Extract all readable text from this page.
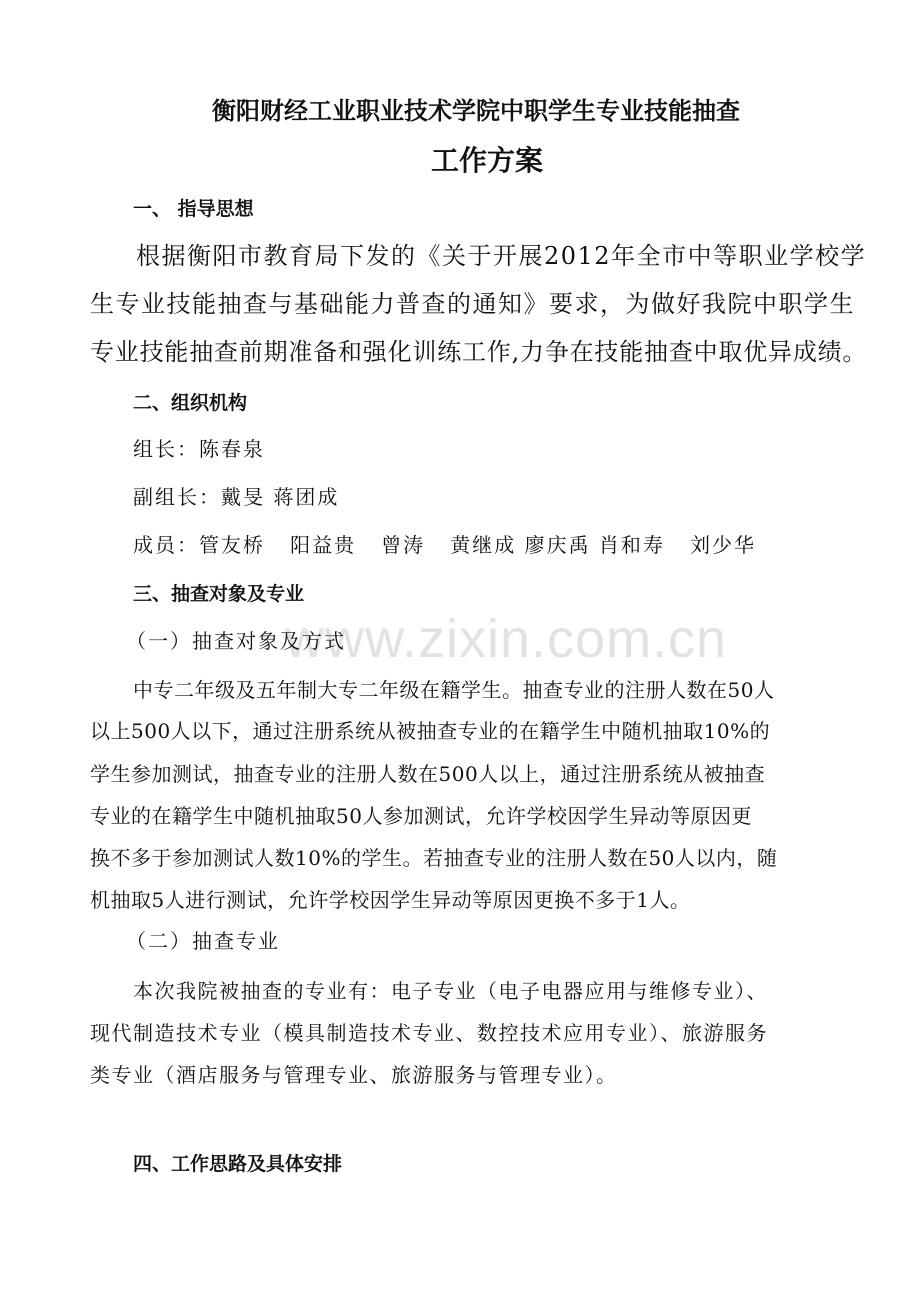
www.zixin.com.cn
衡阳财经工业职业技术学院中职学生专业技能抽查
工作方案
一、 指导思想
根据衡阳市教育局下发的《关于开展2012年全市中等职业学校学
生专业技能抽查与基础能力普查的通知》要求，为做好我院中职学生
专业技能抽查前期准备和强化训练工作,力争在技能抽查中取优异成绩。
二、组织机构
组长：陈春泉
副组长：戴旻 蒋团成
成员：管友桥   阳益贵   曾涛   黄继成 廖庆禹 肖和寿   刘少华
三、抽查对象及专业
（一）抽查对象及方式
中专二年级及五年制大专二年级在籍学生。抽查专业的注册人数在50人
以上500人以下，通过注册系统从被抽查专业的在籍学生中随机抽取10%的
学生参加测试，抽查专业的注册人数在500人以上，通过注册系统从被抽查
专业的在籍学生中随机抽取50人参加测试，允许学校因学生异动等原因更
换不多于参加测试人数10%的学生。若抽查专业的注册人数在50人以内，随
机抽取5人进行测试，允许学校因学生异动等原因更换不多于1人。
（二）抽查专业
本次我院被抽查的专业有：电子专业（电子电器应用与维修专业）、
现代制造技术专业（模具制造技术专业、数控技术应用专业）、旅游服务
类专业（酒店服务与管理专业、旅游服务与管理专业）。
四、工作思路及具体安排
